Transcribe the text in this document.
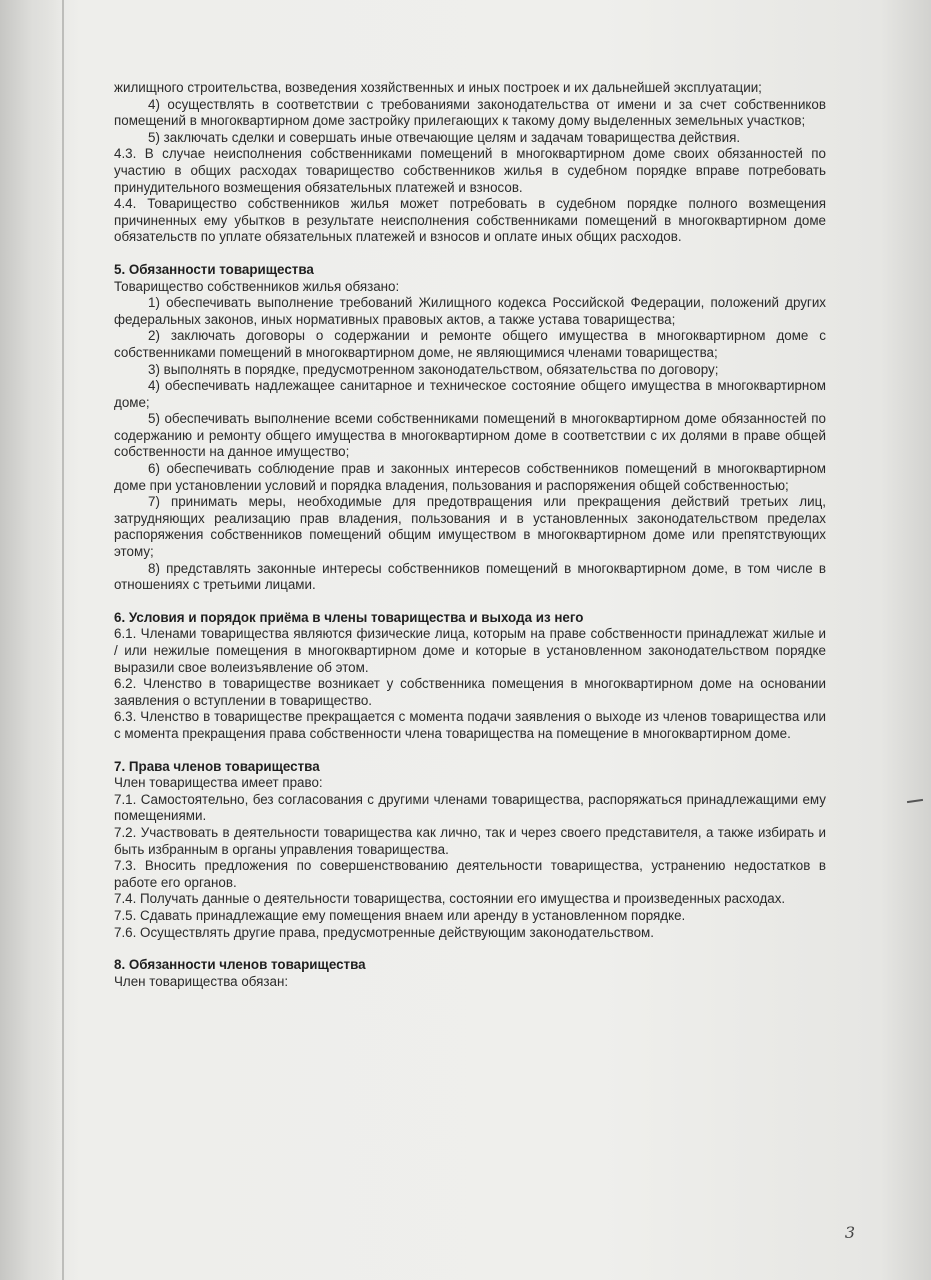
жилищного строительства, возведения хозяйственных и иных построек и их дальнейшей эксплуатации;
4) осуществлять в соответствии с требованиями законодательства от имени и за счет собственников помещений в многоквартирном доме застройку прилегающих к такому дому выделенных земельных участков;
5) заключать сделки и совершать иные отвечающие целям и задачам товарищества действия.
4.3. В случае неисполнения собственниками помещений в многоквартирном доме своих обязанностей по участию в общих расходах товарищество собственников жилья в судебном порядке вправе потребовать принудительного возмещения обязательных платежей и взносов.
4.4. Товарищество собственников жилья может потребовать в судебном порядке полного возмещения причиненных ему убытков в результате неисполнения собственниками помещений в многоквартирном доме обязательств по уплате обязательных платежей и взносов и оплате иных общих расходов.
5. Обязанности товарищества
Товарищество собственников жилья обязано:
1) обеспечивать выполнение требований Жилищного кодекса Российской Федерации, положений других федеральных законов, иных нормативных правовых актов, а также устава товарищества;
2) заключать договоры о содержании и ремонте общего имущества в многоквартирном доме с собственниками помещений в многоквартирном доме, не являющимися членами товарищества;
3) выполнять в порядке, предусмотренном законодательством, обязательства по договору;
4) обеспечивать надлежащее санитарное и техническое состояние общего имущества в многоквартирном доме;
5) обеспечивать выполнение всеми собственниками помещений в многоквартирном доме обязанностей по содержанию и ремонту общего имущества в многоквартирном доме в соответствии с их долями в праве общей собственности на данное имущество;
6) обеспечивать соблюдение прав и законных интересов собственников помещений в многоквартирном доме при установлении условий и порядка владения, пользования и распоряжения общей собственностью;
7) принимать меры, необходимые для предотвращения или прекращения действий третьих лиц, затрудняющих реализацию прав владения, пользования и в установленных законодательством пределах распоряжения собственников помещений общим имуществом в многоквартирном доме или препятствующих этому;
8) представлять законные интересы собственников помещений в многоквартирном доме, в том числе в отношениях с третьими лицами.
6. Условия и порядок приёма в члены товарищества и выхода из него
6.1. Членами товарищества являются физические лица, которым на праве собственности принадлежат жилые и / или нежилые помещения в многоквартирном доме и которые в установленном законодательством порядке выразили свое волеизъявление об этом.
6.2. Членство в товариществе возникает у собственника помещения в многоквартирном доме на основании заявления о вступлении в товарищество.
6.3. Членство в товариществе прекращается с момента подачи заявления о выходе из членов товарищества или с момента прекращения права собственности члена товарищества на помещение в многоквартирном доме.
7. Права членов товарищества
Член товарищества имеет право:
7.1. Самостоятельно, без согласования с другими членами товарищества, распоряжаться принадлежащими ему помещениями.
7.2. Участвовать в деятельности товарищества как лично, так и через своего представителя, а также избирать и быть избранным в органы управления товарищества.
7.3. Вносить предложения по совершенствованию деятельности товарищества, устранению недостатков в работе его органов.
7.4. Получать данные о деятельности товарищества, состоянии его имущества и произведенных расходах.
7.5. Сдавать принадлежащие ему помещения внаем или аренду в установленном порядке.
7.6. Осуществлять другие права, предусмотренные действующим законодательством.
8. Обязанности членов товарищества
Член товарищества обязан:
3
